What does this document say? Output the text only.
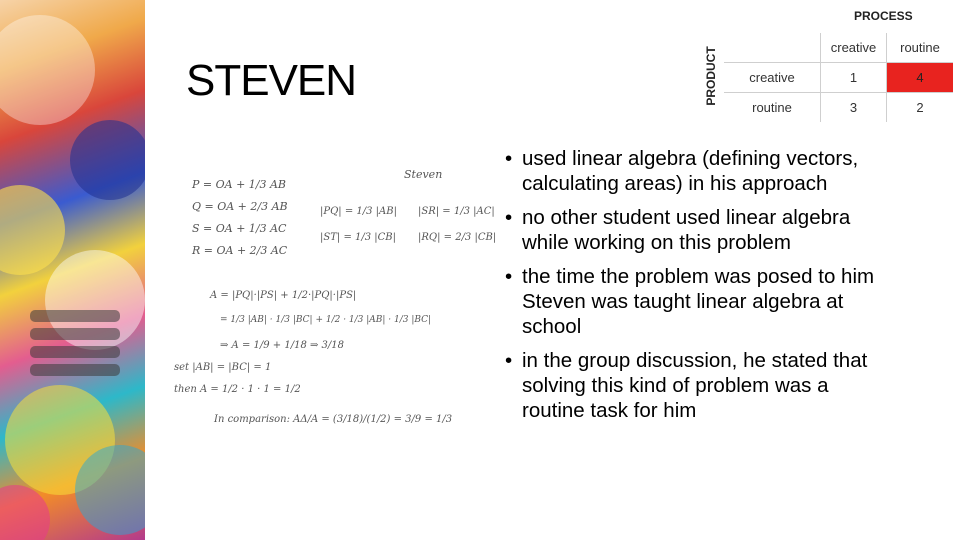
STEVEN
Steven
P = OA + 1/3 AB
Q = OA + 2/3 AB
S = OA + 1/3 AC
R = OA + 2/3 AC
|PQ| = 1/3 |AB| |SR| = 1/3 |AC|
|ST| = 1/3 |CB| |RQ| = 2/3 |CB|
A = |PQ|·|PS| + 1/2·|PQ|·|PS|
= 1/3 |AB| · 1/3 |BC| + 1/2 · 1/3 |AB| · 1/3 |BC|
⇒ A = 1/9 + 1/18 ⇒ 3/18
set |AB| = |BC| = 1
then A = 1/2 · 1 · 1 = 1/2
In comparison: AΔ/A = (3/18)/(1/2) = 3/9 = 1/3
PROCESS
PRODUCT
		creative	routine
creative	1	4
routine	3	2
• used linear algebra (defining vectors, calculating areas) in his approach
• no other student used linear algebra while working on this problem
• the time the problem was posed to him Steven was taught linear algebra at school
• in the group discussion, he stated that solving this kind of problem was a routine task for him
